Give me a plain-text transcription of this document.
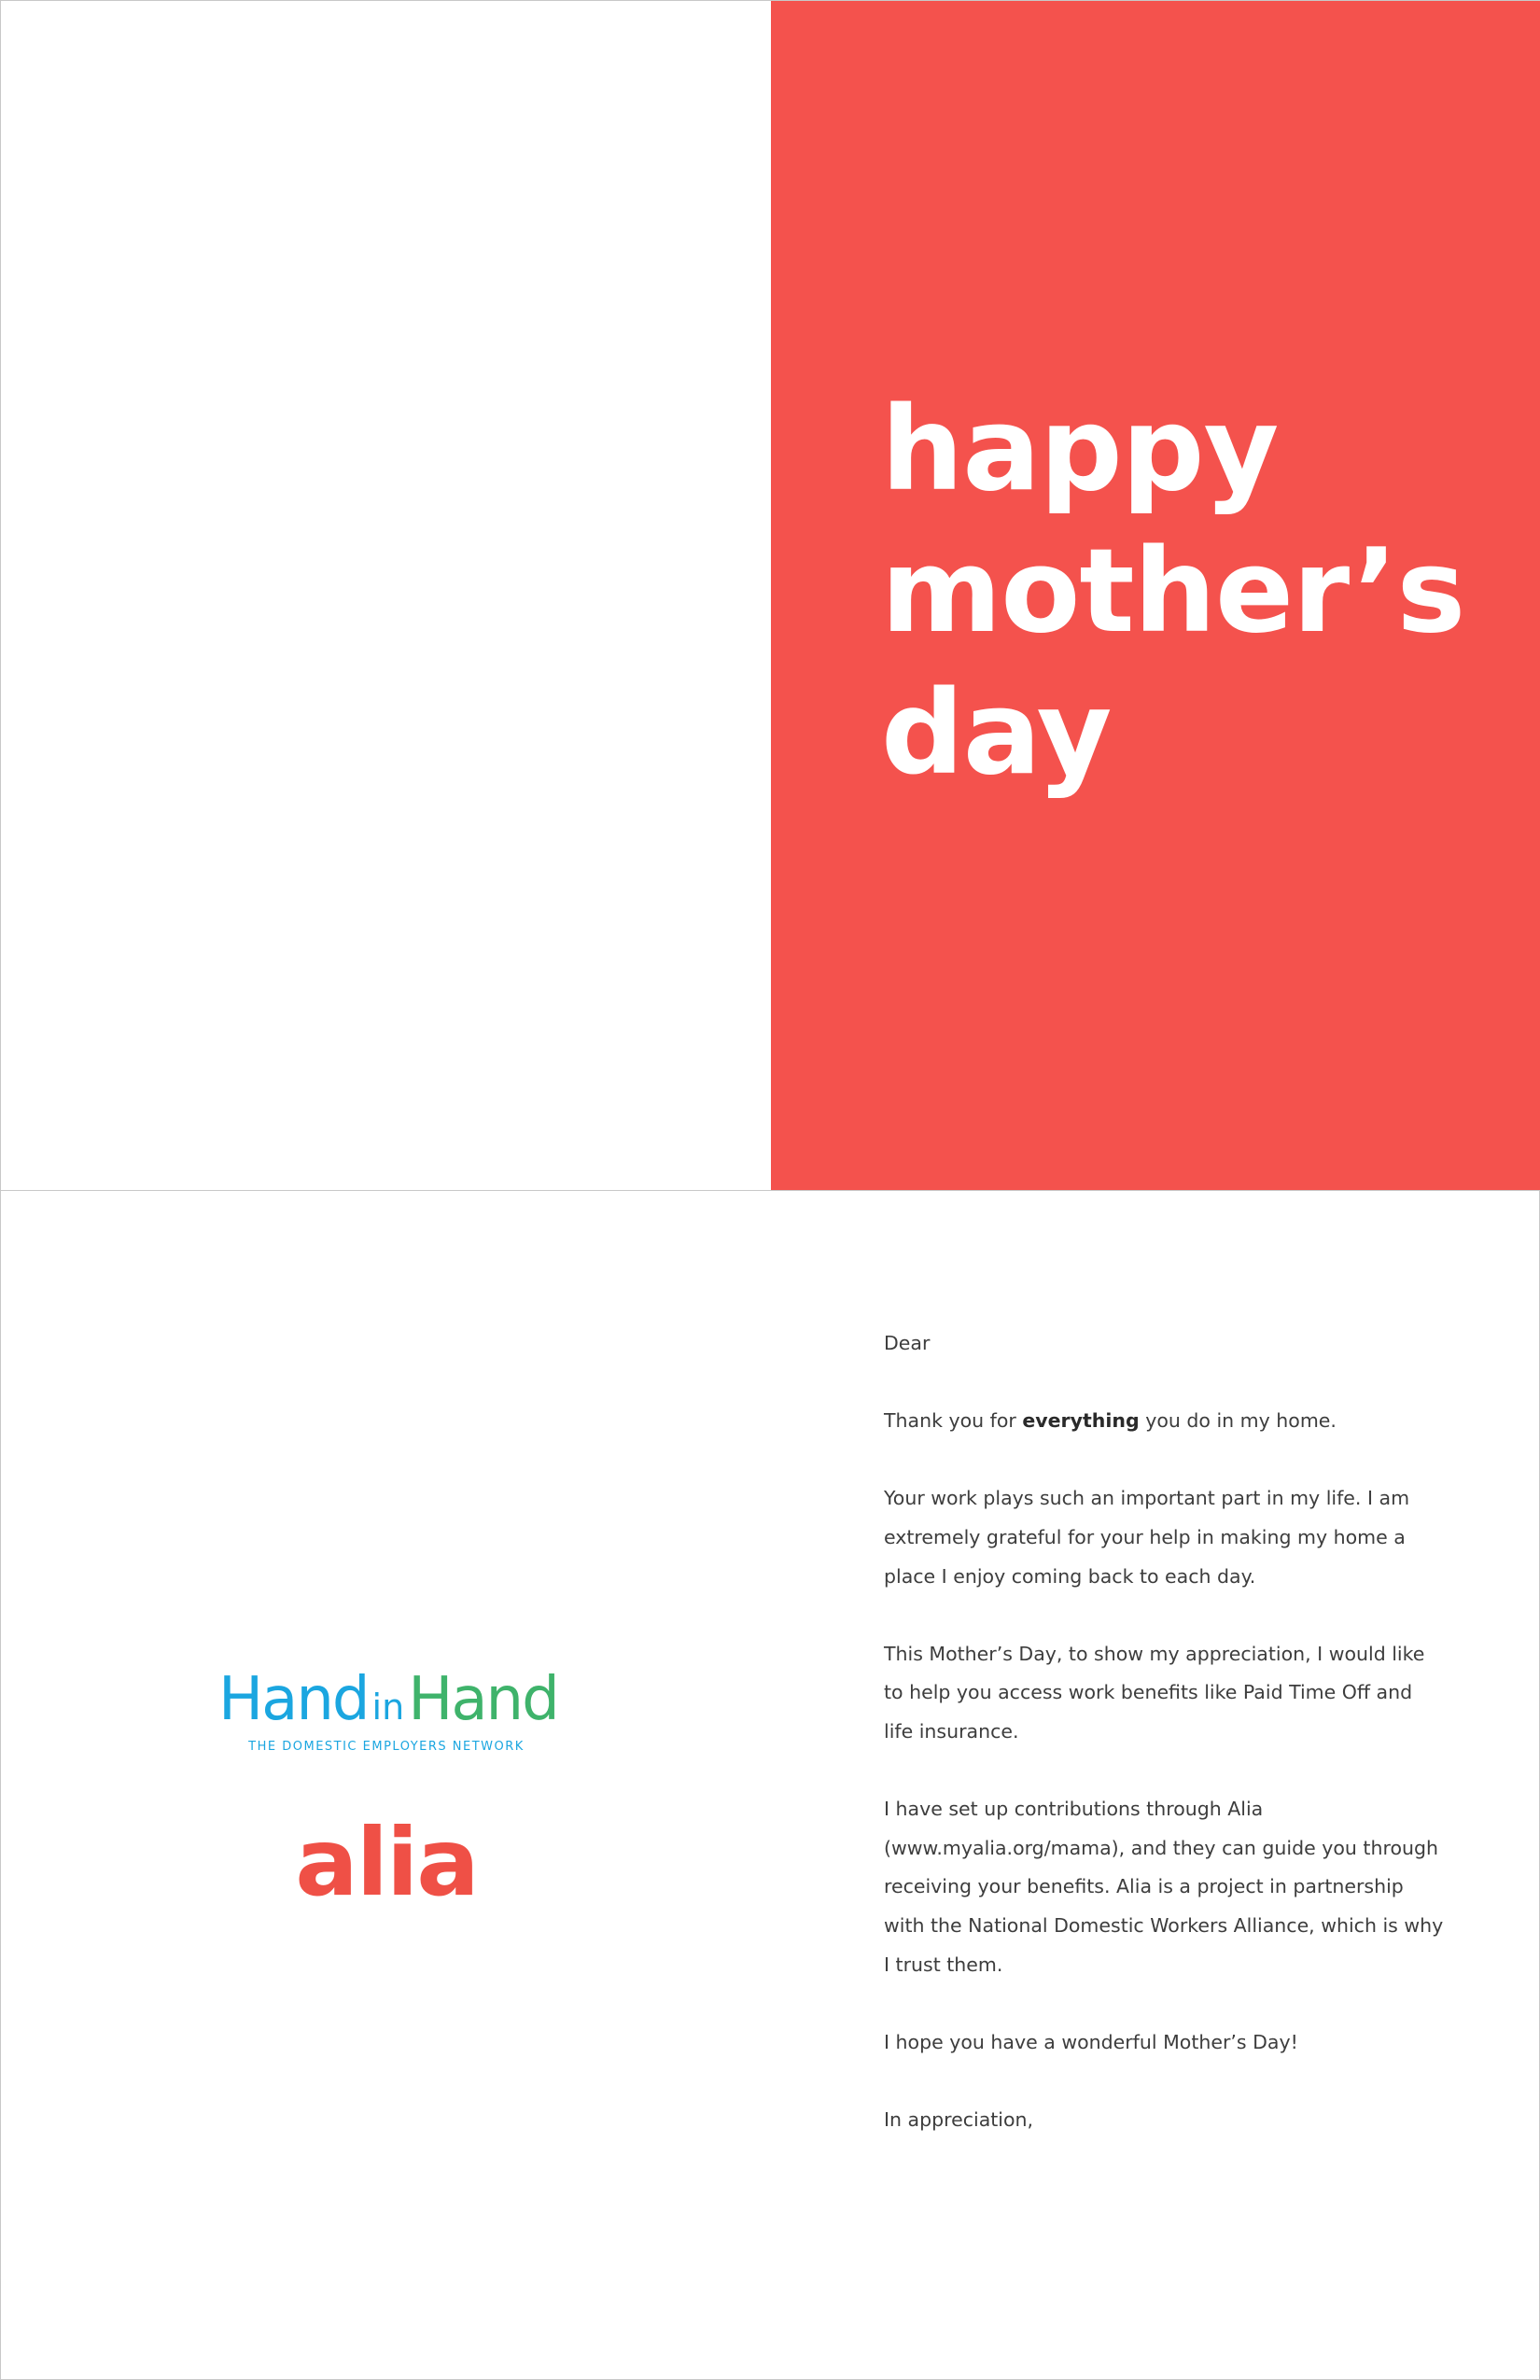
happy
mother’s
day
Hand inHand
THE DOMESTIC EMPLOYERS NETWORK
alia

Dear

Thank you for everything you do in my home.

Your work plays such an important part in my life. I am extremely grateful for your help in making my home a place I enjoy coming back to each day.

This Mother’s Day, to show my appreciation, I would like to help you access work benefits like Paid Time Off and life insurance.

I have set up contributions through Alia (www.myalia.org/mama), and they can guide you through receiving your benefits. Alia is a project in partnership with the National Domestic Workers Alliance, which is why I trust them.

I hope you have a wonderful Mother’s Day!

In appreciation,
